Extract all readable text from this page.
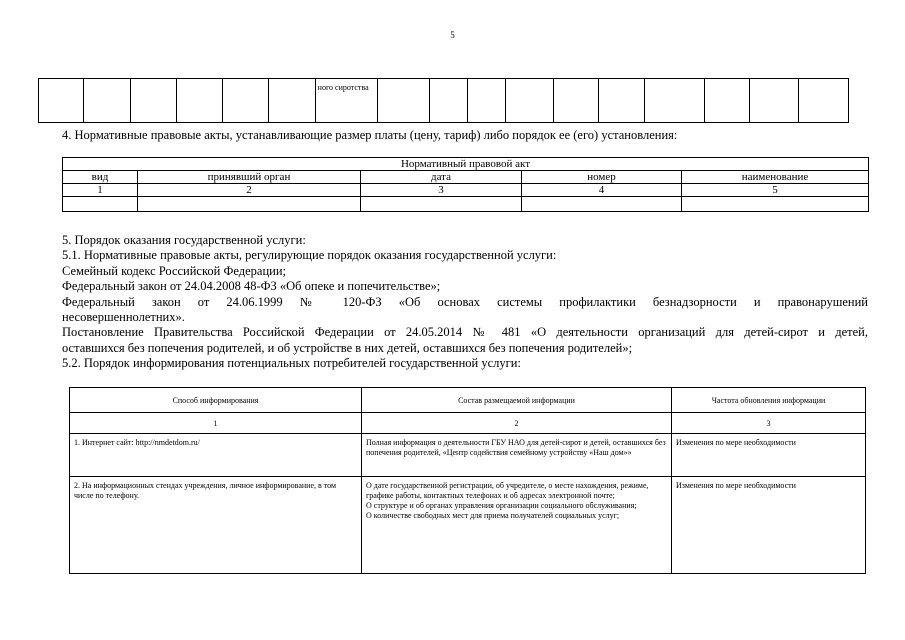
5
						ного сиротства										
4. Нормативные правовые акты, устанавливающие размер платы (цену, тариф) либо порядок ее (его) установления:
Нормативный правовой акт				
вид	принявший орган	дата	номер	наименование
1	2	3	4	5

5. Порядок оказания государственной услуги:

5.1. Нормативные правовые акты, регулирующие порядок оказания государственной услуги:

Семейный кодекс Российской Федерации;

Федеральный закон от 24.04.2008 48-ФЗ «Об опеке и попечительстве»;

Федеральный закон от 24.06.1999 № 120-ФЗ «Об основах системы профилактики безнадзорности и правонарушений

несовершеннолетних».

Постановление Правительства Российской Федерации от 24.05.2014 № 481 «О деятельности организаций для детей-сирот и детей,

оставшихся без попечения родителей, и об устройстве в них детей, оставшихся без попечения родителей»;

5.2. Порядок информирования потенциальных потребителей государственной услуги:

Способ информирования	Состав размещаемой информации	Частота обновления информации
1	2	3
1. Интернет сайт: http://nmdetdom.ru/	Полная информация о деятельности ГБУ НАО для детей-сирот и детей, оставшихся без попечения родителей, «Центр содействия семейному устройству «Наш дом»»	Изменения по мере необходимости
2. На информационных стендах учреждения, личное информирование, в том числе по телефону.	О дате государственной регистрации, об учредителе, о месте нахождения, режиме, графике работы, контактных телефонах и об адресах электронной почте;
О структуре и об органах управления организации социального обслуживания;
О количестве свободных мест для приема получателей социальных услуг;	Изменения по мере необходимости
